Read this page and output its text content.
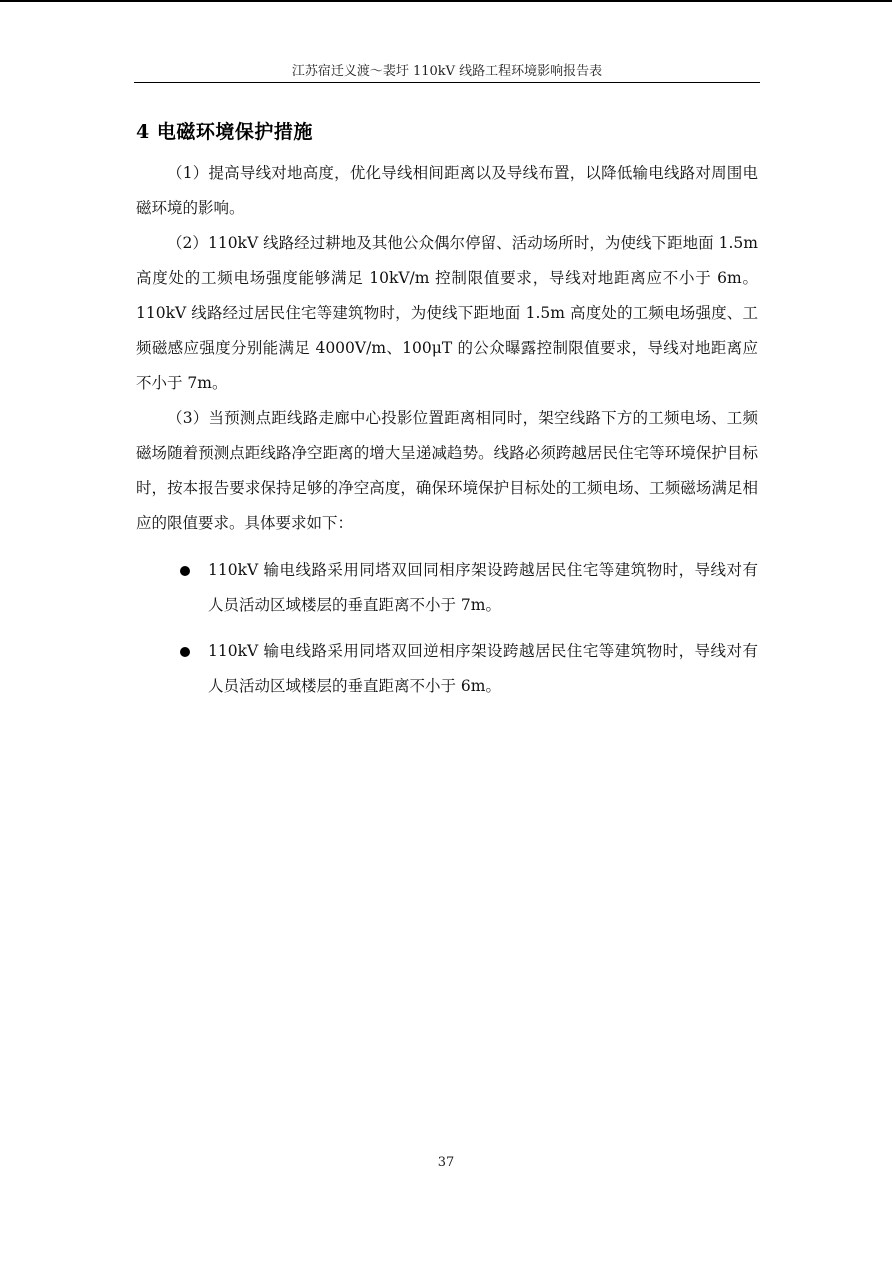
江苏宿迁义渡～裴圩 110kV 线路工程环境影响报告表
4 电磁环境保护措施

（1）提高导线对地高度，优化导线相间距离以及导线布置，以降低输电线路对周围电磁环境的影响。

（2）110kV 线路经过耕地及其他公众偶尔停留、活动场所时，为使线下距地面 1.5m 高度处的工频电场强度能够满足 10kV/m 控制限值要求，导线对地距离应不小于 6m。110kV 线路经过居民住宅等建筑物时，为使线下距地面 1.5m 高度处的工频电场强度、工频磁感应强度分别能满足 4000V/m、100μT 的公众曝露控制限值要求，导线对地距离应不小于 7m。

（3）当预测点距线路走廊中心投影位置距离相同时，架空线路下方的工频电场、工频磁场随着预测点距线路净空距离的增大呈递减趋势。线路必须跨越居民住宅等环境保护目标时，按本报告要求保持足够的净空高度，确保环境保护目标处的工频电场、工频磁场满足相应的限值要求。具体要求如下：

110kV 输电线路采用同塔双回同相序架设跨越居民住宅等建筑物时，导线对有人员活动区域楼层的垂直距离不小于 7m。
110kV 输电线路采用同塔双回逆相序架设跨越居民住宅等建筑物时，导线对有人员活动区域楼层的垂直距离不小于 6m。
37
